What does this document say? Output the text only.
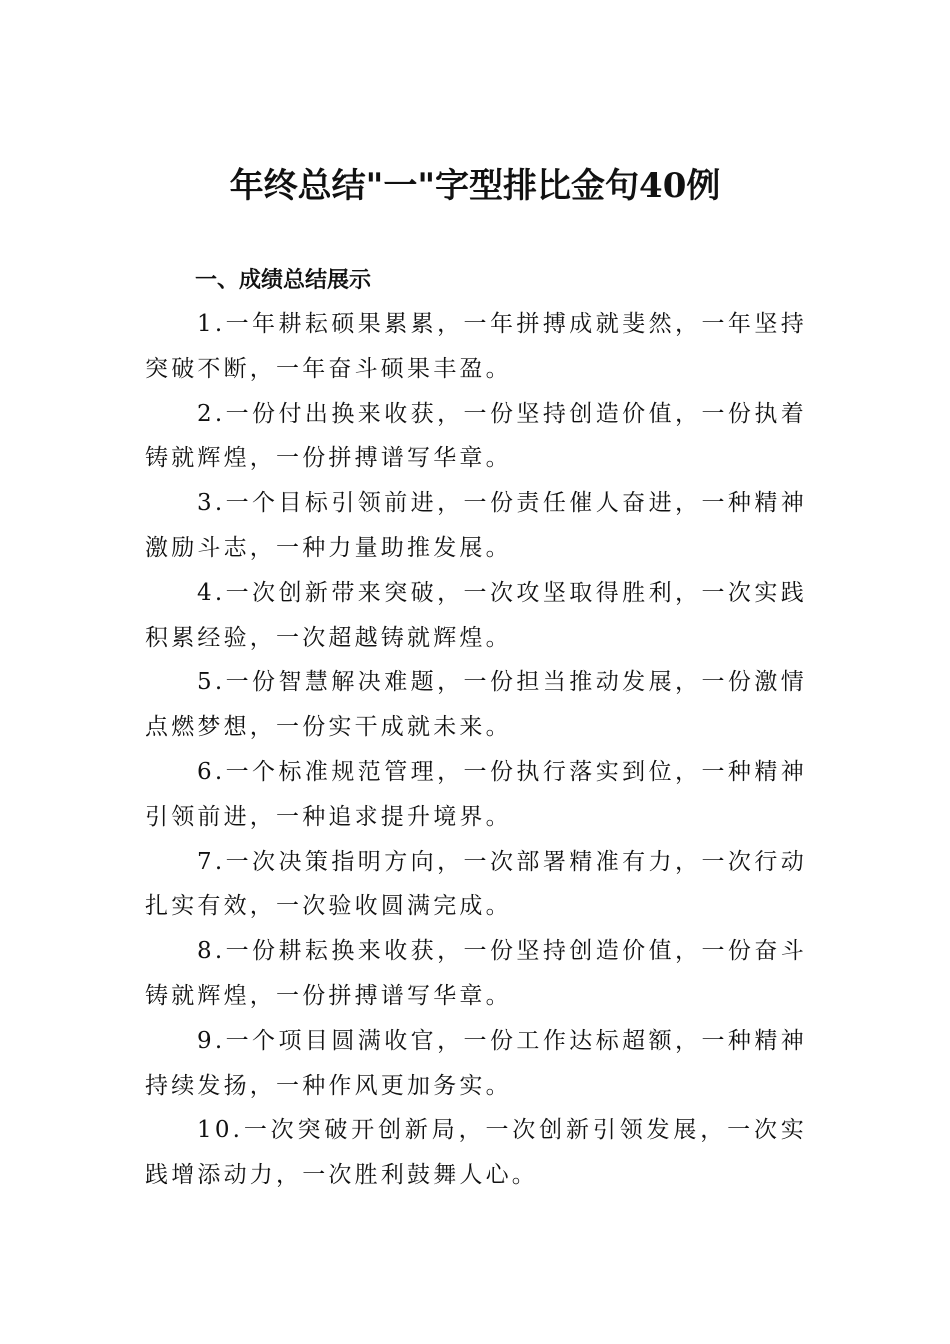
年终总结"一"字型排比金句40例
一、成绩总结展示
1.一年耕耘硕果累累，一年拼搏成就斐然，一年坚持突破不断，一年奋斗硕果丰盈。
2.一份付出换来收获，一份坚持创造价值，一份执着铸就辉煌，一份拼搏谱写华章。
3.一个目标引领前进，一份责任催人奋进，一种精神激励斗志，一种力量助推发展。
4.一次创新带来突破，一次攻坚取得胜利，一次实践积累经验，一次超越铸就辉煌。
5.一份智慧解决难题，一份担当推动发展，一份激情点燃梦想，一份实干成就未来。
6.一个标准规范管理，一份执行落实到位，一种精神引领前进，一种追求提升境界。
7.一次决策指明方向，一次部署精准有力，一次行动扎实有效，一次验收圆满完成。
8.一份耕耘换来收获，一份坚持创造价值，一份奋斗铸就辉煌，一份拼搏谱写华章。
9.一个项目圆满收官，一份工作达标超额，一种精神持续发扬，一种作风更加务实。
10.一次突破开创新局，一次创新引领发展，一次实践增添动力，一次胜利鼓舞人心。
